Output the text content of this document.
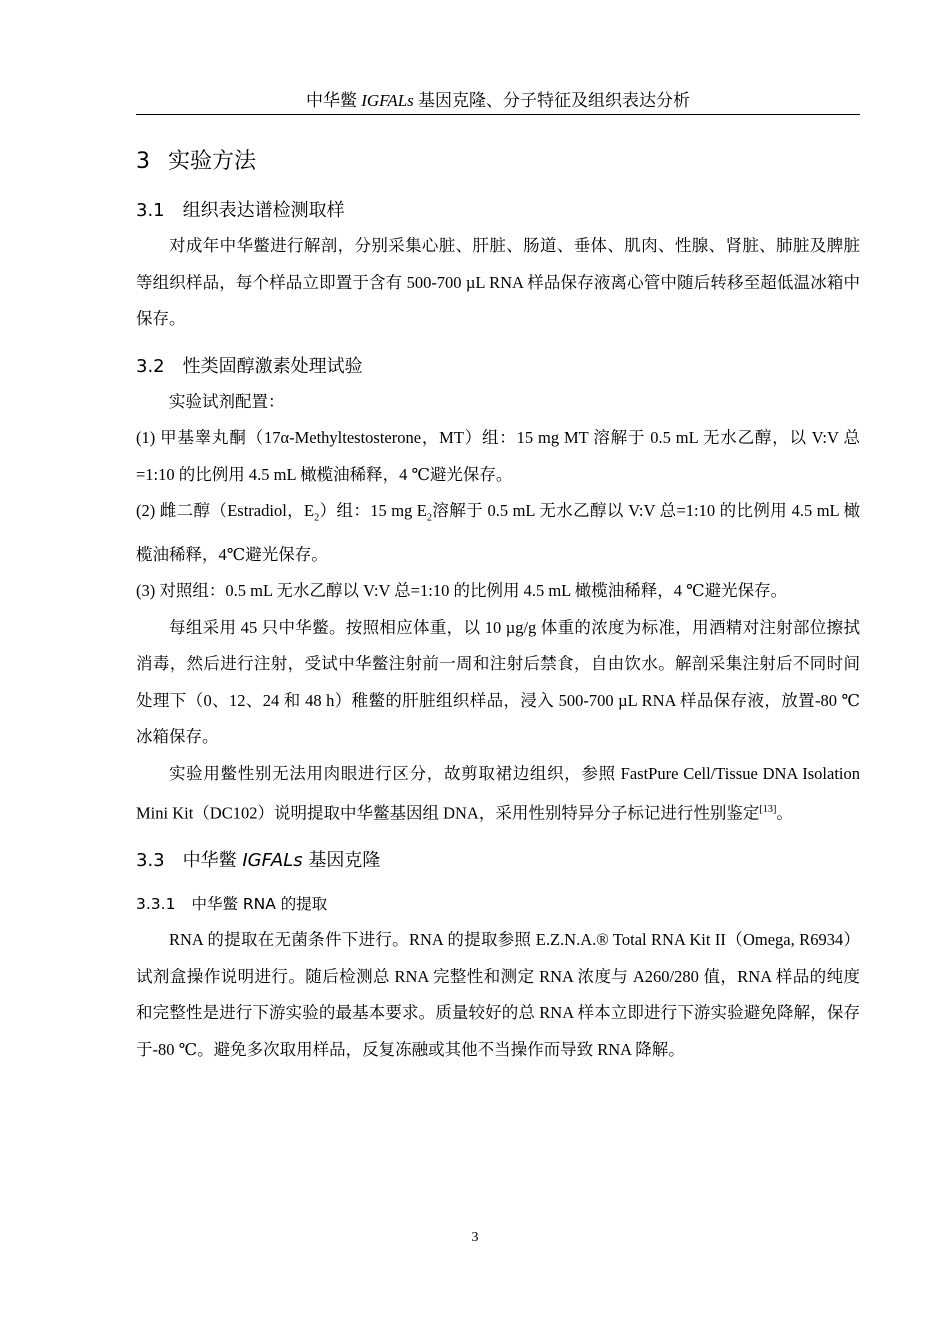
中华鳖 IGFALs 基因克隆、分子特征及组织表达分析
3 实验方法
3.1 组织表达谱检测取样

对成年中华鳖进行解剖，分别采集心脏、肝脏、肠道、垂体、肌肉、性腺、肾脏、肺脏及脾脏等组织样品，每个样品立即置于含有 500-700 µL RNA 样品保存液离心管中随后转移至超低温冰箱中保存。

3.2 性类固醇激素处理试验

实验试剂配置：

(1) 甲基睾丸酮（17α-Methyltestosterone，MT）组：15 mg MT 溶解于 0.5 mL 无水乙醇，以 V:V 总=1:10 的比例用 4.5 mL 橄榄油稀释，4 ℃避光保存。

(2) 雌二醇（Estradiol，$E_2$）组：15 mg $E_2$溶解于 0.5 mL 无水乙醇以 V:V 总=1:10 的比例用 4.5 mL 橄榄油稀释，4℃避光保存。

(3) 对照组：0.5 mL 无水乙醇以 V:V 总=1:10 的比例用 4.5 mL 橄榄油稀释，4 ℃避光保存。

每组采用 45 只中华鳖。按照相应体重，以 10 µg/g 体重的浓度为标准，用酒精对注射部位擦拭消毒，然后进行注射，受试中华鳖注射前一周和注射后禁食，自由饮水。解剖采集注射后不同时间处理下（0、12、24 和 48 h）稚鳖的肝脏组织样品，浸入 500-700 µL RNA 样品保存液，放置-80 ℃冰箱保存。

实验用鳖性别无法用肉眼进行区分，故剪取裙边组织，参照 FastPure Cell/Tissue DNA Isolation Mini Kit（DC102）说明提取中华鳖基因组 DNA，采用性别特异分子标记进行性别鉴定[13]。

3.3 中华鳖 IGFALs 基因克隆
3.3.1 中华鳖 RNA 的提取

RNA 的提取在无菌条件下进行。RNA 的提取参照 E.Z.N.A.® Total RNA Kit II（Omega, R6934）试剂盒操作说明进行。随后检测总 RNA 完整性和测定 RNA 浓度与 A260/280 值，RNA 样品的纯度和完整性是进行下游实验的最基本要求。质量较好的总 RNA 样本立即进行下游实验避免降解，保存于-80 ℃。避免多次取用样品，反复冻融或其他不当操作而导致 RNA 降解。

3
